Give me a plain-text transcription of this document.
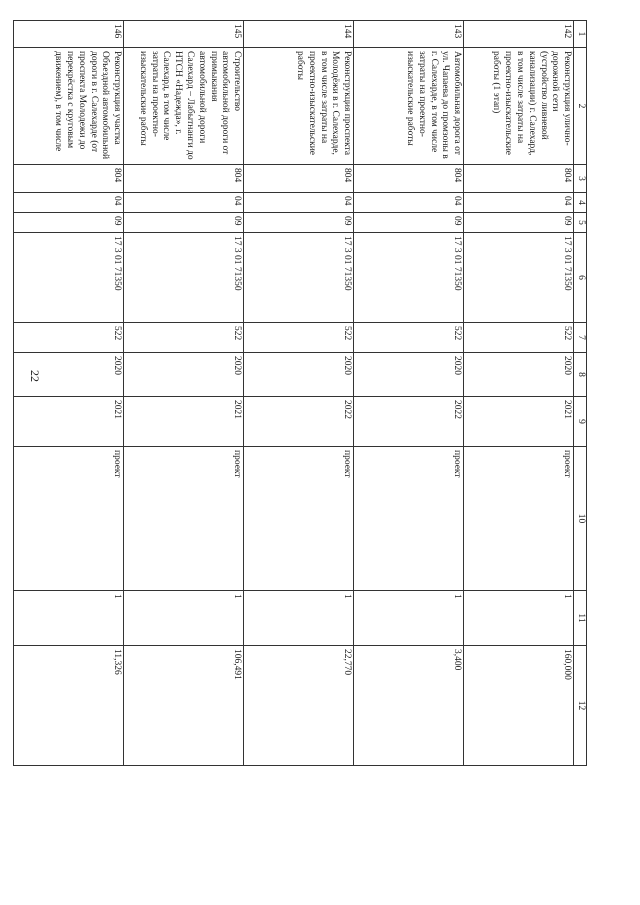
22
1	2	3	4	5	6	7	8	9	10	11	12
142	Реконструкция улично-дорожной сети (устройство ливневой канализации) г. Салехард, в том числе затраты на проектно-изыскательские работы (1 этап)	804	04	09	17 3 01 71350	522	2020	2021	проект	1	160,000
143	Автомобильная дорога от ул. Чапаева до промзоны в г. Салехарде, в том числе затраты на проектно-изыскательские работы	804	04	09	17 3 01 71350	522	2020	2022	проект	1	3,400
144	Реконструкция проспекта Молодёжи в г. Салехарде, в том числе затраты на проектно-изыскательские работы	804	04	09	17 3 01 71350	522	2020	2022	проект	1	22,770
145	Строительство автомобильной дороги от примыкания автомобильной дороги Салехард – Лабытнанги до НТСН «Надежда», г. Салехард, в том числе затраты на проектно-изыскательские работы	804	04	09	17 3 01 71350	522	2020	2021	проект	1	106,491
146	Реконструкция участка Объездной автомобильной дороги в г. Салехарде (от проспекта Молодежи до перекрёстка с круговым движением), в том числе	804	04	09	17 3 01 71350	522	2020	2021	проект	1	11,326
